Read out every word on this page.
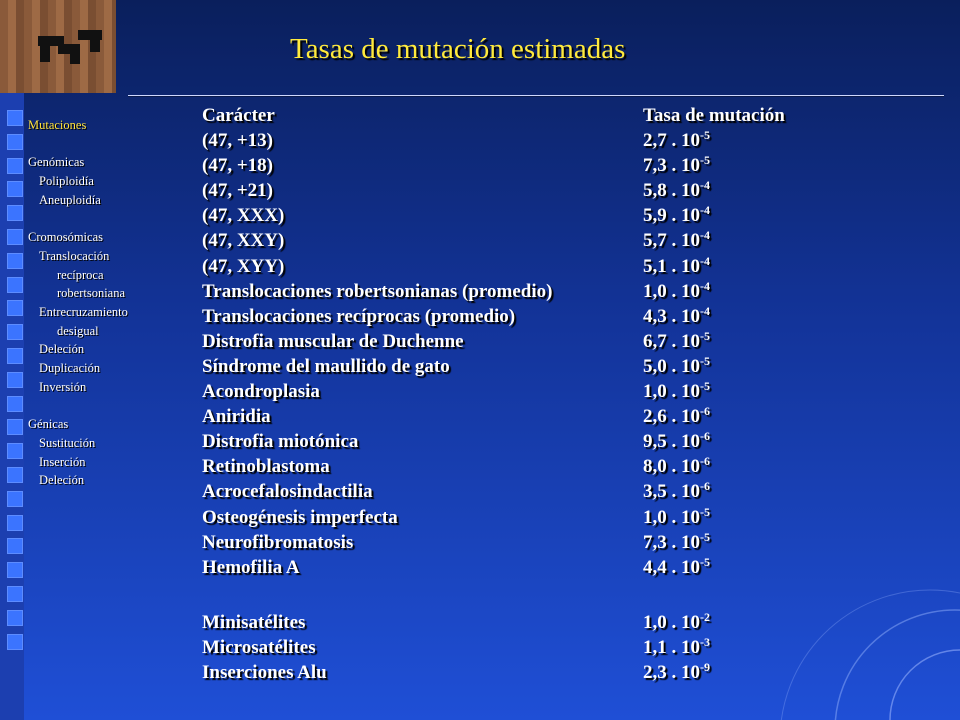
Tasas de mutación estimadas
Mutaciones
Genómicas
Poliploidía
Aneuploidía
Cromosómicas
Translocación
recíproca
robertsoniana
Entrecruzamiento
desigual
Deleción
Duplicación
Inversión
Génicas
Sustitución
Inserción
Deleción
Carácter	Tasa de mutación
(47, +13)	2,7 . $10^{-5}$
(47, +18)	7,3 . $10^{-5}$
(47, +21)	5,8 . $10^{-4}$
(47, XXX)	5,9 . $10^{-4}$
(47, XXY)	5,7 . $10^{-4}$
(47, XYY)	5,1 . $10^{-4}$
Translocaciones robertsonianas (promedio)	1,0 . $10^{-4}$
Translocaciones recíprocas (promedio)	4,3 . $10^{-4}$
Distrofia muscular de Duchenne	6,7 . $10^{-5}$
Síndrome del maullido de gato	5,0 . $10^{-5}$
Acondroplasia	1,0 . $10^{-5}$
Aniridia	2,6 . $10^{-6}$
Distrofia miotónica	9,5 . $10^{-6}$
Retinoblastoma	8,0 . $10^{-6}$
Acrocefalosindactilia	3,5 . $10^{-6}$
Osteogénesis imperfecta	1,0 . $10^{-5}$
Neurofibromatosis	7,3 . $10^{-5}$
Hemofilia A	4,4 . $10^{-5}$
Minisatélites	1,0 . $10^{-2}$
Microsatélites	1,1 . $10^{-3}$
Inserciones Alu	2,3 . $10^{-9}$
